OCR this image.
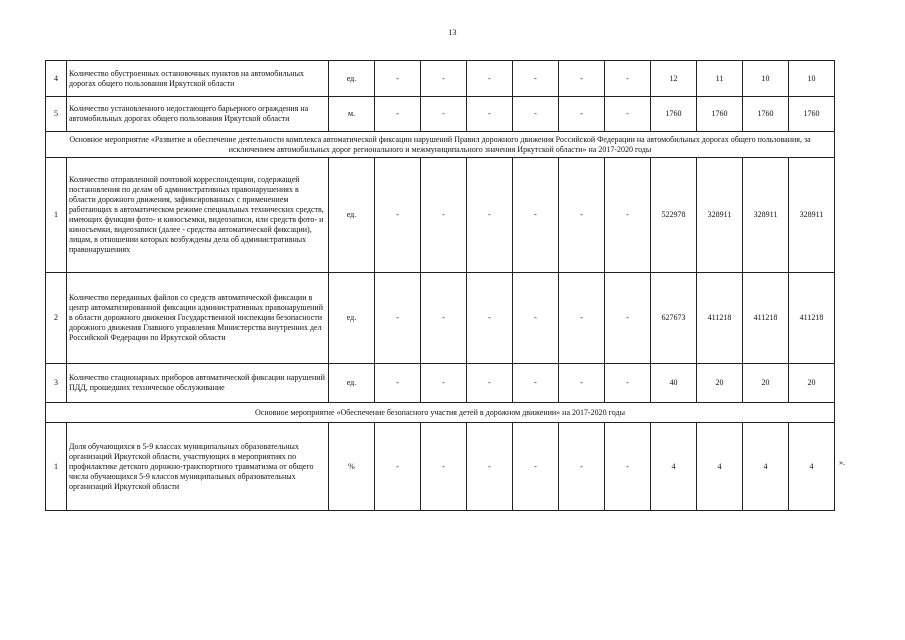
13
4	Количество обустроенных остановочных пунктов на автомобильных дорогах общего пользования Иркутской области	ед.	-	-	-	-	-	-	12	11	10	10
5	Количество установленного недостающего барьерного ограждения на автомобильных дорогах общего пользования Иркутской области	м.	-	-	-	-	-	-	1760	1760	1760	1760
Основное мероприятие «Развитие и обеспечение деятельности комплекса автоматической фиксации нарушений Правил дорожного движения Российской Федерации на автомобильных дорогах общего пользования, за исключением автомобильных дорог регионального и межмуниципального значения Иркутской области» на 2017-2020 годы												
1	Количество отправленной почтовой корреспонденции, содержащей постановления по делам об административных правонарушениях в области дорожного движения, зафиксированных с применением работающих в автоматическом режиме специальных технических средств, имеющих функции фото- и киносъемки, видеозаписи, или средств фото- и киносъемки, видеозаписи (далее - средства автоматической фиксации), лицам, в отношении которых возбуждены дела об административных правонарушениях	ед.	-	-	-	-	-	-	522978	328911	328911	328911
2	Количество переданных файлов со средств автоматической фиксации в центр автоматизированной фиксации административных правонарушений в области дорожного движения Государственной инспекции безопасности дорожного движения Главного управления Министерства внутренних дел Российской Федерации по Иркутской области	ед.	-	-	-	-	-	-	627673	411218	411218	411218
3	Количество стационарных приборов автоматической фиксации нарушений ПДД, прошедших техническое обслуживание	ед.	-	-	-	-	-	-	40	20	20	20
Основное мероприятие «Обеспечение безопасного участия детей в дорожном движении» на 2017-2020 годы												
1	Доля обучающихся в 5-9 классах муниципальных образовательных организаций Иркутской области, участвующих в мероприятиях по профилактике детского дорожно-транспортного травматизма от общего числа обучающихся 5-9 классов муниципальных образовательных организаций Иркутской области	%	-	-	-	-	-	-	4	4	4	4	».
